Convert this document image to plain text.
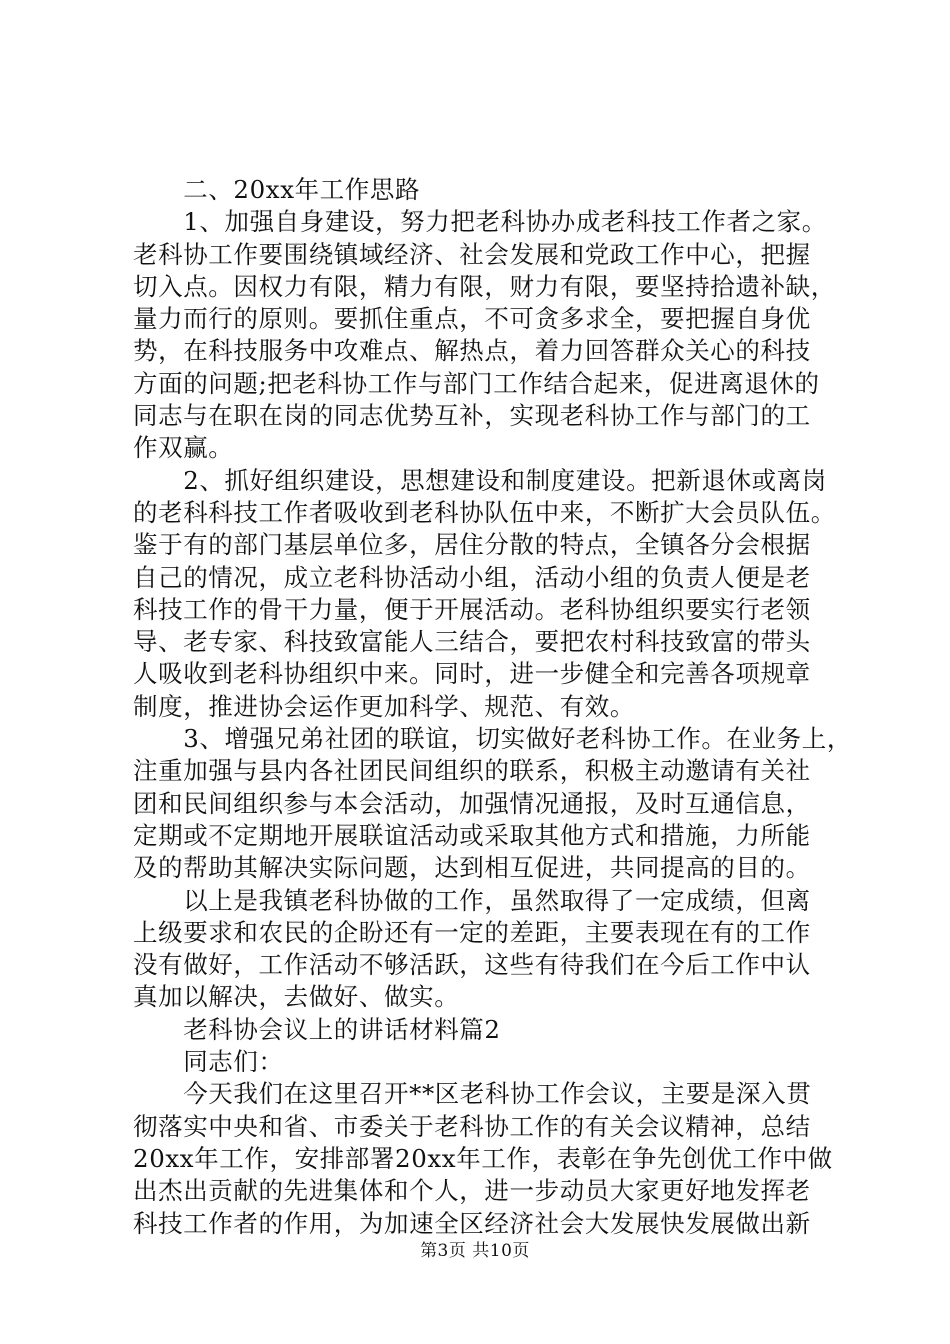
　　二、20xx年工作思路
　　1、加强自身建设，努力把老科协办成老科技工作者之家。
老科协工作要围绕镇域经济、社会发展和党政工作中心，把握
切入点。因权力有限，精力有限，财力有限，要坚持拾遗补缺，
量力而行的原则。要抓住重点，不可贪多求全，要把握自身优
势，在科技服务中攻难点、解热点，着力回答群众关心的科技
方面的问题;把老科协工作与部门工作结合起来，促进离退休的
同志与在职在岗的同志优势互补，实现老科协工作与部门的工
作双赢。
　　2、抓好组织建设，思想建设和制度建设。把新退休或离岗
的老科科技工作者吸收到老科协队伍中来，不断扩大会员队伍。
鉴于有的部门基层单位多，居住分散的特点，全镇各分会根据
自己的情况，成立老科协活动小组，活动小组的负责人便是老
科技工作的骨干力量，便于开展活动。老科协组织要实行老领
导、老专家、科技致富能人三结合，要把农村科技致富的带头
人吸收到老科协组织中来。同时，进一步健全和完善各项规章
制度，推进协会运作更加科学、规范、有效。
　　3、增强兄弟社团的联谊，切实做好老科协工作。在业务上，
注重加强与县内各社团民间组织的联系，积极主动邀请有关社
团和民间组织参与本会活动，加强情况通报，及时互通信息，
定期或不定期地开展联谊活动或采取其他方式和措施，力所能
及的帮助其解决实际问题，达到相互促进，共同提高的目的。
　　以上是我镇老科协做的工作，虽然取得了一定成绩，但离
上级要求和农民的企盼还有一定的差距，主要表现在有的工作
没有做好，工作活动不够活跃，这些有待我们在今后工作中认
真加以解决，去做好、做实。
　　老科协会议上的讲话材料篇2
　　同志们：
　　今天我们在这里召开**区老科协工作会议，主要是深入贯
彻落实中央和省、市委关于老科协工作的有关会议精神，总结
20xx年工作，安排部署20xx年工作，表彰在争先创优工作中做
出杰出贡献的先进集体和个人，进一步动员大家更好地发挥老
科技工作者的作用，为加速全区经济社会大发展快发展做出新
第3页 共10页
